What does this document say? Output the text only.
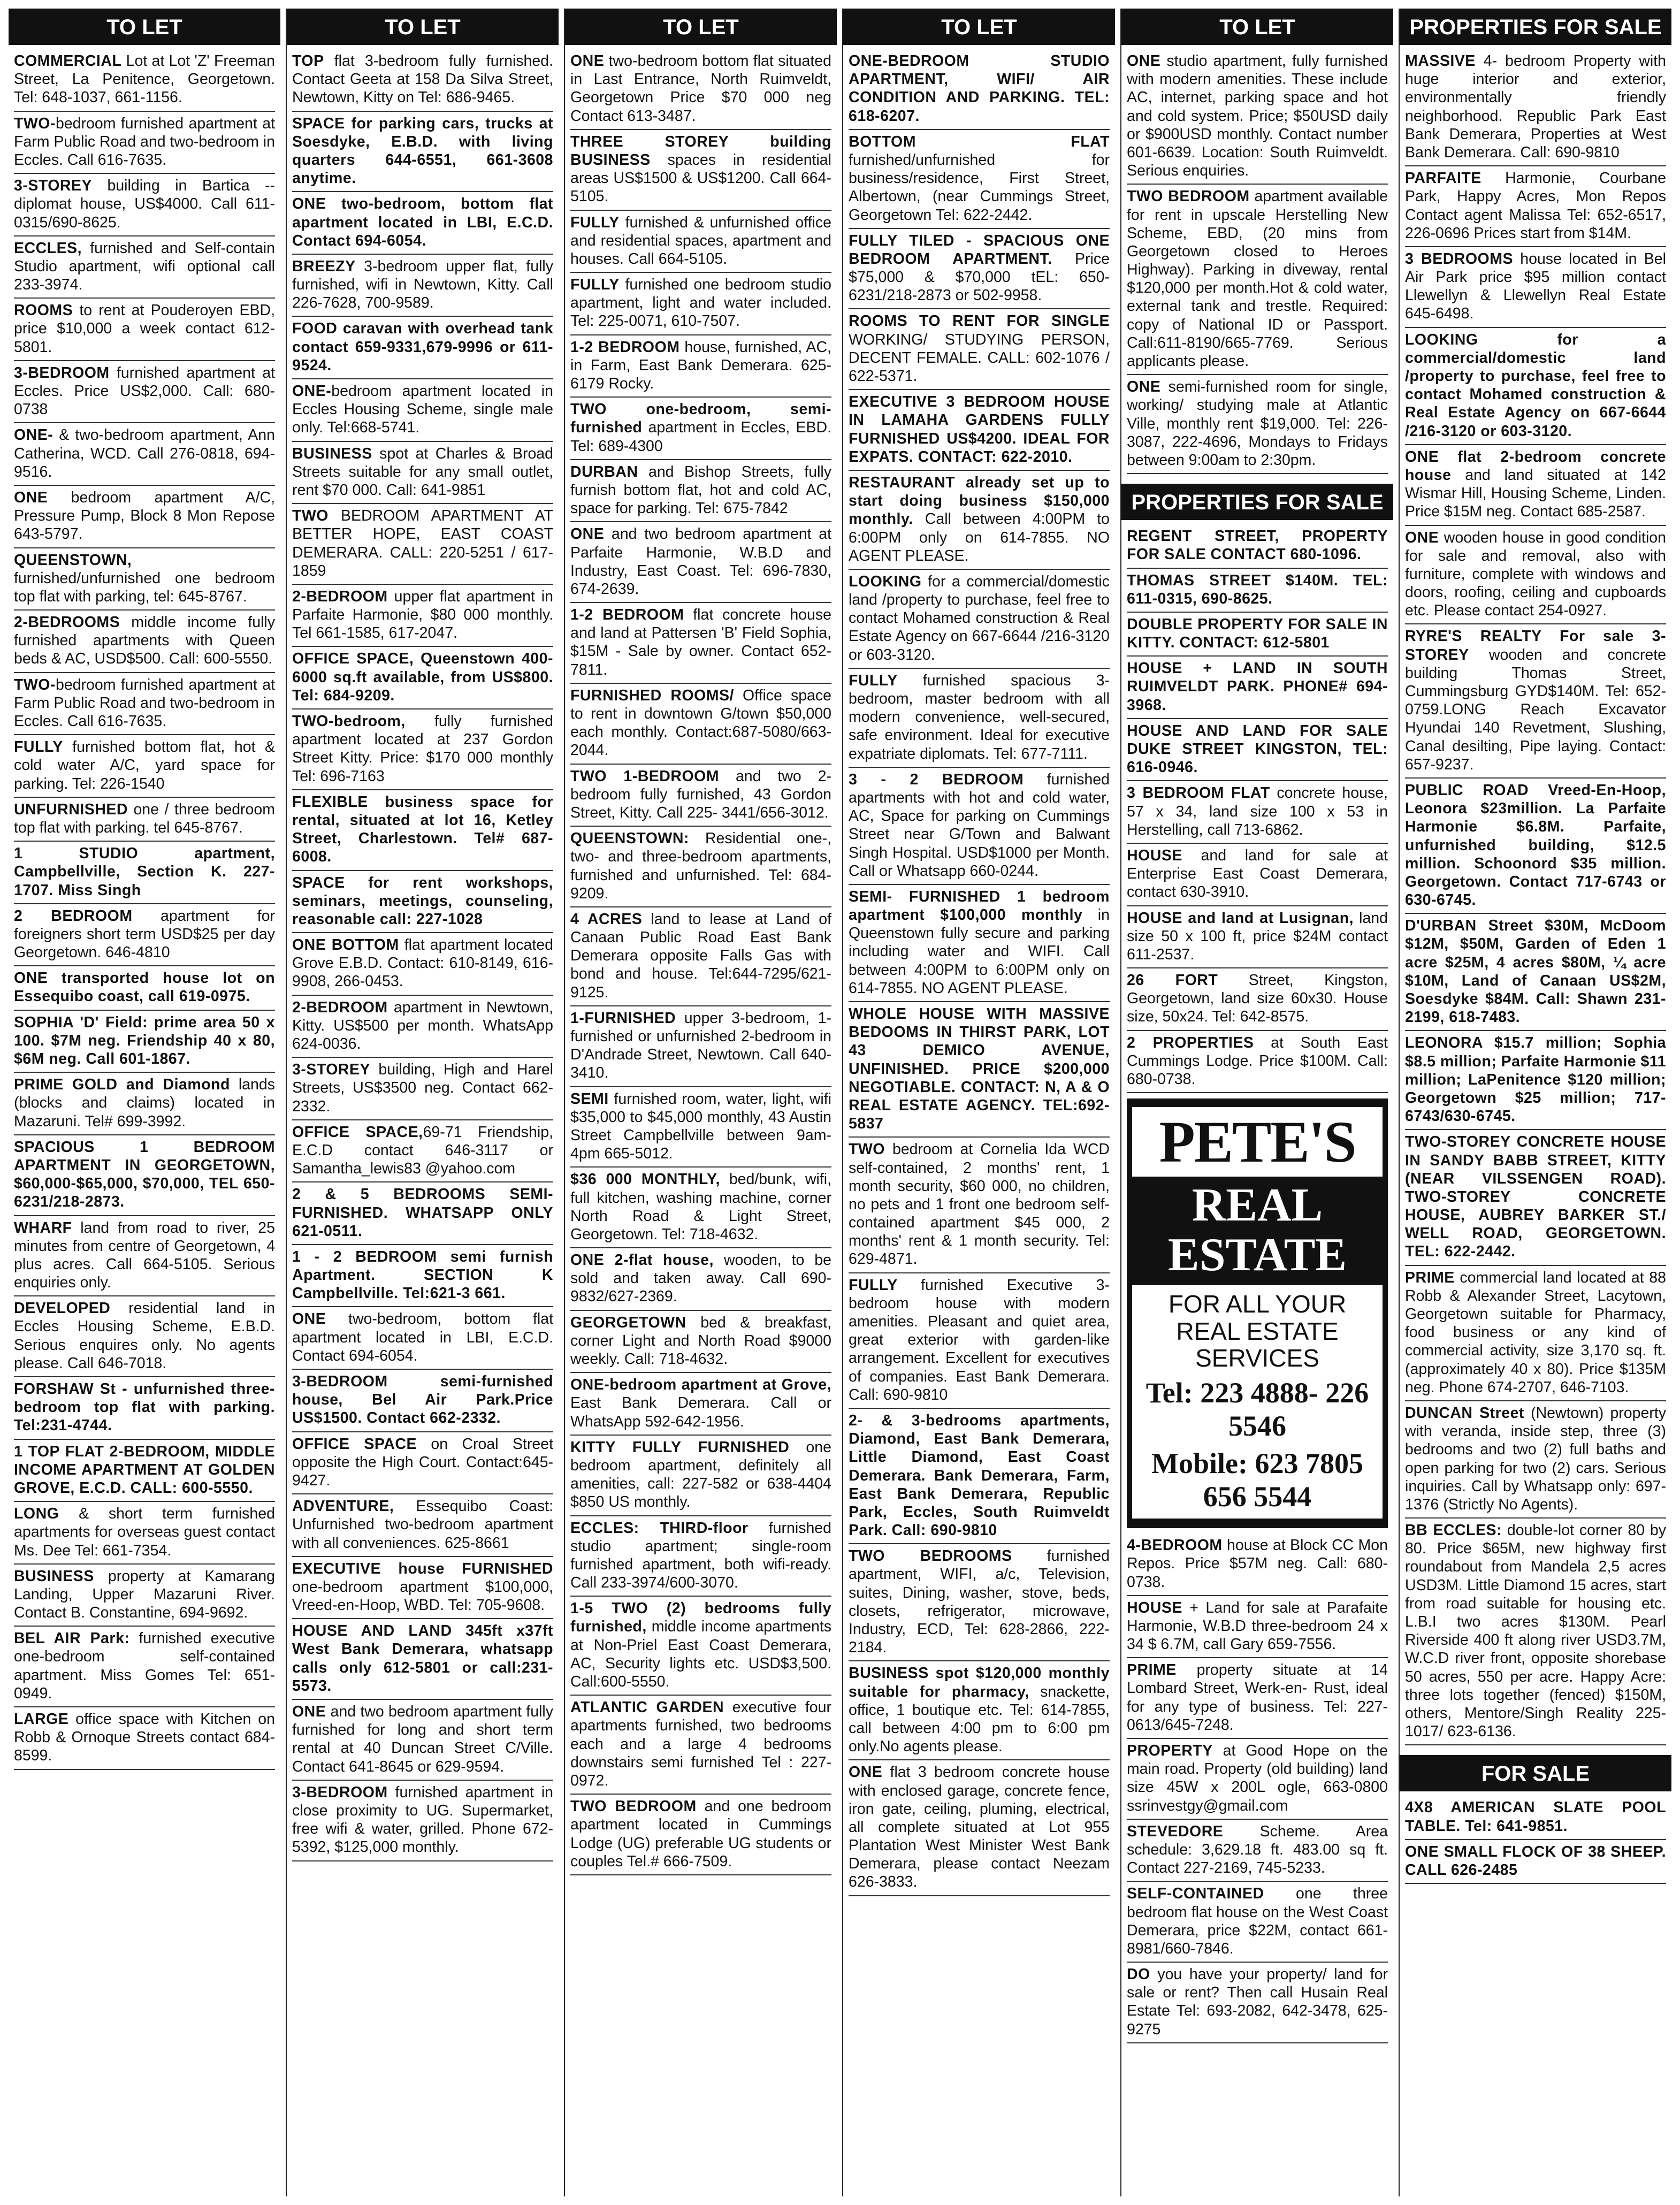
TO LET

COMMERCIAL Lot at Lot 'Z' Freeman Street, La Penitence, Georgetown. Tel: 648-1037, 661-1156.

TWO-bedroom furnished apartment at Farm Public Road and two-bedroom in Eccles. Call 616-7635.

3-STOREY building in Bartica -- diplomat house, US$4000. Call 611-0315/690-8625.

ECCLES, furnished and Self-contain Studio apartment, wifi optional call 233-3974.

ROOMS to rent at Pouderoyen EBD, price $10,000 a week contact 612-5801.

3-BEDROOM furnished apartment at Eccles. Price US$2,000. Call: 680-0738

ONE- & two-bedroom apartment, Ann Catherina, WCD. Call 276-0818, 694-9516.

ONE bedroom apartment A/C, Pressure Pump, Block 8 Mon Repose 643-5797.

QUEENSTOWN, furnished/unfurnished one bedroom top flat with parking, tel: 645-8767.

2-BEDROOMS middle income fully furnished apartments with Queen beds & AC, USD$500. Call: 600-5550.

TWO-bedroom furnished apartment at Farm Public Road and two-bedroom in Eccles. Call 616-7635.

FULLY furnished bottom flat, hot & cold water A/C, yard space for parking. Tel: 226-1540

UNFURNISHED one / three bedroom top flat with parking. tel 645-8767.

1 STUDIO apartment, Campbellville, Section K. 227-1707. Miss Singh

2 BEDROOM apartment for foreigners short term USD$25 per day Georgetown. 646-4810

ONE transported house lot on Essequibo coast, call 619-0975.

SOPHIA 'D' Field: prime area 50 x 100. $7M neg. Friendship 40 x 80, $6M neg. Call 601-1867.

PRIME GOLD and Diamond lands (blocks and claims) located in Mazaruni. Tel# 699-3992.

SPACIOUS 1 BEDROOM APARTMENT IN GEORGETOWN, $60,000-$65,000, $70,000, TEL 650-6231/218-2873.

WHARF land from road to river, 25 minutes from centre of Georgetown, 4 plus acres. Call 664-5105. Serious enquiries only.

DEVELOPED residential land in Eccles Housing Scheme, E.B.D. Serious enquires only. No agents please. Call 646-7018.

FORSHAW St - unfurnished three-bedroom top flat with parking. Tel:231-4744.

1 TOP FLAT 2-BEDROOM, MIDDLE INCOME APARTMENT AT GOLDEN GROVE, E.C.D. CALL: 600-5550.

LONG & short term furnished apartments for overseas guest contact Ms. Dee Tel: 661-7354.

BUSINESS property at Kamarang Landing, Upper Mazaruni River. Contact B. Constantine, 694-9692.

BEL AIR Park: furnished executive one-bedroom self-contained apartment. Miss Gomes Tel: 651-0949.

LARGE office space with Kitchen on Robb & Ornoque Streets contact 684-8599.

TO LET

TOP flat 3-bedroom fully furnished. Contact Geeta at 158 Da Silva Street, Newtown, Kitty on Tel: 686-9465.

SPACE for parking cars, trucks at Soesdyke, E.B.D. with living quarters 644-6551, 661-3608 anytime.

ONE two-bedroom, bottom flat apartment located in LBI, E.C.D. Contact 694-6054.

BREEZY 3-bedroom upper flat, fully furnished, wifi in Newtown, Kitty. Call 226-7628, 700-9589.

FOOD caravan with overhead tank contact 659-9331,679-9996 or 611-9524.

ONE-bedroom apartment located in Eccles Housing Scheme, single male only. Tel:668-5741.

BUSINESS spot at Charles & Broad Streets suitable for any small outlet, rent $70 000. Call: 641-9851

TWO BEDROOM APARTMENT AT BETTER HOPE, EAST COAST DEMERARA. CALL: 220-5251 / 617-1859

2-BEDROOM upper flat apartment in Parfaite Harmonie, $80 000 monthly. Tel 661-1585, 617-2047.

OFFICE SPACE, Queenstown 400-6000 sq.ft available, from US$800. Tel: 684-9209.

TWO-bedroom, fully furnished apartment located at 237 Gordon Street Kitty. Price: $170 000 monthly Tel: 696-7163

FLEXIBLE business space for rental, situated at lot 16, Ketley Street, Charlestown. Tel# 687-6008.

SPACE for rent workshops, seminars, meetings, counseling, reasonable call: 227-1028

ONE BOTTOM flat apartment located Grove E.B.D. Contact: 610-8149, 616-9908, 266-0453.

2-BEDROOM apartment in Newtown, Kitty. US$500 per month. WhatsApp 624-0036.

3-STOREY building, High and Harel Streets, US$3500 neg. Contact 662-2332.

OFFICE SPACE,69-71 Friendship, E.C.D contact 646-3117 or Samantha_lewis83 @yahoo.com

2 & 5 BEDROOMS SEMI-FURNISHED. WHATSAPP ONLY 621-0511.

1 - 2 BEDROOM semi furnish Apartment. SECTION K Campbellville. Tel:621-3 661.

ONE two-bedroom, bottom flat apartment located in LBI, E.C.D. Contact 694-6054.

3-BEDROOM semi-furnished house, Bel Air Park.Price US$1500. Contact 662-2332.

OFFICE SPACE on Croal Street opposite the High Court. Contact:645-9427.

ADVENTURE, Essequibo Coast: Unfurnished two-bedroom apartment with all conveniences. 625-8661

EXECUTIVE house FURNISHED one-bedroom apartment $100,000, Vreed-en-Hoop, WBD. Tel: 705-9608.

HOUSE AND LAND 345ft x37ft West Bank Demerara, whatsapp calls only 612-5801 or call:231-5573.

ONE and two bedroom apartment fully furnished for long and short term rental at 40 Duncan Street C/Ville. Contact 641-8645 or 629-9594.

3-BEDROOM furnished apartment in close proximity to UG. Supermarket, free wifi & water, grilled. Phone 672-5392, $125,000 monthly.

TO LET

ONE two-bedroom bottom flat situated in Last Entrance, North Ruimveldt, Georgetown Price $70 000 neg Contact 613-3487.

THREE STOREY building BUSINESS spaces in residential areas US$1500 & US$1200. Call 664-5105.

FULLY furnished & unfurnished office and residential spaces, apartment and houses. Call 664-5105.

FULLY furnished one bedroom studio apartment, light and water included. Tel: 225-0071, 610-7507.

1-2 BEDROOM house, furnished, AC, in Farm, East Bank Demerara. 625-6179 Rocky.

TWO one-bedroom, semi-furnished apartment in Eccles, EBD. Tel: 689-4300

DURBAN and Bishop Streets, fully furnish bottom flat, hot and cold AC, space for parking. Tel: 675-7842

ONE and two bedroom apartment at Parfaite Harmonie, W.B.D and Industry, East Coast. Tel: 696-7830, 674-2639.

1-2 BEDROOM flat concrete house and land at Pattersen 'B' Field Sophia, $15M - Sale by owner. Contact 652-7811.

FURNISHED ROOMS/ Office space to rent in downtown G/town $50,000 each monthly. Contact:687-5080/663-2044.

TWO 1-BEDROOM and two 2-bedroom fully furnished, 43 Gordon Street, Kitty. Call 225- 3441/656-3012.

QUEENSTOWN: Residential one-, two- and three-bedroom apartments, furnished and unfurnished. Tel: 684-9209.

4 ACRES land to lease at Land of Canaan Public Road East Bank Demerara opposite Falls Gas with bond and house. Tel:644-7295/621-9125.

1-FURNISHED upper 3-bedroom, 1-furnished or unfurnished 2-bedroom in D'Andrade Street, Newtown. Call 640-3410.

SEMI furnished room, water, light, wifi $35,000 to $45,000 monthly, 43 Austin Street Campbellville between 9am-4pm 665-5012.

$36 000 MONTHLY, bed/bunk, wifi, full kitchen, washing machine, corner North Road & Light Street, Georgetown. Tel: 718-4632.

ONE 2-flat house, wooden, to be sold and taken away. Call 690-9832/627-2369.

GEORGETOWN bed & breakfast, corner Light and North Road $9000 weekly. Call: 718-4632.

ONE-bedroom apartment at Grove, East Bank Demerara. Call or WhatsApp 592-642-1956.

KITTY FULLY FURNISHED one bedroom apartment, definitely all amenities, call: 227-582 or 638-4404 $850 US monthly.

ECCLES: THIRD-floor furnished studio apartment; single-room furnished apartment, both wifi-ready. Call 233-3974/600-3070.

1-5 TWO (2) bedrooms fully furnished, middle income apartments at Non-Priel East Coast Demerara, AC, Security lights etc. USD$3,500. Call:600-5550.

ATLANTIC GARDEN executive four apartments furnished, two bedrooms each and a large 4 bedrooms downstairs semi furnished Tel : 227-0972.

TWO BEDROOM and one bedroom apartment located in Cummings Lodge (UG) preferable UG students or couples Tel.# 666-7509.

TO LET

ONE-BEDROOM STUDIO APARTMENT, WIFI/ AIR CONDITION AND PARKING. TEL: 618-6207.

BOTTOM FLAT furnished/unfurnished for business/residence, First Street, Albertown, (near Cummings Street, Georgetown Tel: 622-2442.

FULLY TILED - SPACIOUS ONE BEDROOM APARTMENT. Price $75,000 & $70,000 tEL: 650-6231/218-2873 or 502-9958.

ROOMS TO RENT FOR SINGLE WORKING/ STUDYING PERSON, DECENT FEMALE. CALL: 602-1076 / 622-5371.

EXECUTIVE 3 BEDROOM HOUSE IN LAMAHA GARDENS FULLY FURNISHED US$4200. IDEAL FOR EXPATS. CONTACT: 622-2010.

RESTAURANT already set up to start doing business $150,000 monthly. Call between 4:00PM to 6:00PM only on 614-7855. NO AGENT PLEASE.

LOOKING for a commercial/domestic land /property to purchase, feel free to contact Mohamed construction & Real Estate Agency on 667-6644 /216-3120 or 603-3120.

FULLY furnished spacious 3-bedroom, master bedroom with all modern convenience, well-secured, safe environment. Ideal for executive expatriate diplomats. Tel: 677-7111.

3 - 2 BEDROOM furnished apartments with hot and cold water, AC, Space for parking on Cummings Street near G/Town and Balwant Singh Hospital. USD$1000 per Month. Call or Whatsapp 660-0244.

SEMI- FURNISHED 1 bedroom apartment $100,000 monthly in Queenstown fully secure and parking including water and WIFI. Call between 4:00PM to 6:00PM only on 614-7855. NO AGENT PLEASE.

WHOLE HOUSE WITH MASSIVE BEDOOMS IN THIRST PARK, LOT 43 DEMICO AVENUE, UNFINISHED. PRICE $200,000 NEGOTIABLE. CONTACT: N, A & O REAL ESTATE AGENCY. TEL:692-5837

TWO bedroom at Cornelia Ida WCD self-contained, 2 months' rent, 1 month security, $60 000, no children, no pets and 1 front one bedroom self-contained apartment $45 000, 2 months' rent & 1 month security. Tel: 629-4871.

FULLY furnished Executive 3- bedroom house with modern amenities. Pleasant and quiet area, great exterior with garden-like arrangement. Excellent for executives of companies. East Bank Demerara. Call: 690-9810

2- & 3-bedrooms apartments, Diamond, East Bank Demerara, Little Diamond, East Coast Demerara. Bank Demerara, Farm, East Bank Demerara, Republic Park, Eccles, South Ruimveldt Park. Call: 690-9810

TWO BEDROOMS furnished apartment, WIFI, a/c, Television, suites, Dining, washer, stove, beds, closets, refrigerator, microwave, Industry, ECD, Tel: 628-2866, 222-2184.

BUSINESS spot $120,000 monthly suitable for pharmacy, snackette, office, 1 boutique etc. Tel: 614-7855, call between 4:00 pm to 6:00 pm only.No agents please.

ONE flat 3 bedroom concrete house with enclosed garage, concrete fence, iron gate, ceiling, pluming, electrical, all complete situated at Lot 955 Plantation West Minister West Bank Demerara, please contact Neezam 626-3833.

TO LET

ONE studio apartment, fully furnished with modern amenities. These include AC, internet, parking space and hot and cold system. Price; $50USD daily or $900USD monthly. Contact number 601-6639. Location: South Ruimveldt. Serious enquiries.

TWO BEDROOM apartment available for rent in upscale Herstelling New Scheme, EBD, (20 mins from Georgetown closed to Heroes Highway). Parking in diveway, rental $120,000 per month.Hot & cold water, external tank and trestle. Required: copy of National ID or Passport. Call:611-8190/665-7769. Serious applicants please.

ONE semi-furnished room for single, working/ studying male at Atlantic Ville, monthly rent $19,000. Tel: 226-3087, 222-4696, Mondays to Fridays between 9:00am to 2:30pm.

PROPERTIES FOR SALE

REGENT STREET, PROPERTY FOR SALE CONTACT 680-1096.

THOMAS STREET $140M. TEL: 611-0315, 690-8625.

DOUBLE PROPERTY FOR SALE IN KITTY. CONTACT: 612-5801

HOUSE + LAND IN SOUTH RUIMVELDT PARK. PHONE# 694-3968.

HOUSE AND LAND FOR SALE DUKE STREET KINGSTON, TEL: 616-0946.

3 BEDROOM FLAT concrete house, 57 x 34, land size 100 x 53 in Herstelling, call 713-6862.

HOUSE and land for sale at Enterprise East Coast Demerara, contact 630-3910.

HOUSE and land at Lusignan, land size 50 x 100 ft, price $24M contact 611-2537.

26 FORT Street, Kingston, Georgetown, land size 60x30. House size, 50x24. Tel: 642-8575.

2 PROPERTIES at South East Cummings Lodge. Price $100M. Call: 680-0738.

PETE'S
REAL ESTATE
FOR ALL YOUR REAL ESTATE SERVICES
Tel: 223 4888- 226 5546
Mobile: 623 7805 656 5544

4-BEDROOM house at Block CC Mon Repos. Price $57M neg. Call: 680-0738.

HOUSE + Land for sale at Parafaite Harmonie, W.B.D three-bedroom 24 x 34 $ 6.7M, call Gary 659-7556.

PRIME property situate at 14 Lombard Street, Werk-en- Rust, ideal for any type of business. Tel: 227-0613/645-7248.

PROPERTY at Good Hope on the main road. Property (old building) land size 45W x 200L ogle, 663-0800 ssrinvestgy@gmail.com

STEVEDORE Scheme. Area schedule: 3,629.18 ft. 483.00 sq ft. Contact 227-2169, 745-5233.

SELF-CONTAINED one three bedroom flat house on the West Coast Demerara, price $22M, contact 661-8981/660-7846.

DO you have your property/ land for sale or rent? Then call Husain Real Estate Tel: 693-2082, 642-3478, 625-9275

PROPERTIES FOR SALE

MASSIVE 4- bedroom Property with huge interior and exterior, environmentally friendly neighborhood. Republic Park East Bank Demerara, Properties at West Bank Demerara. Call: 690-9810

PARFAITE Harmonie, Courbane Park, Happy Acres, Mon Repos Contact agent Malissa Tel: 652-6517, 226-0696 Prices start from $14M.

3 BEDROOMS house located in Bel Air Park price $95 million contact Llewellyn & Llewellyn Real Estate 645-6498.

LOOKING for a commercial/domestic land /property to purchase, feel free to contact Mohamed construction & Real Estate Agency on 667-6644 /216-3120 or 603-3120.

ONE flat 2-bedroom concrete house and land situated at 142 Wismar Hill, Housing Scheme, Linden. Price $15M neg. Contact 685-2587.

ONE wooden house in good condition for sale and removal, also with furniture, complete with windows and doors, roofing, ceiling and cupboards etc. Please contact 254-0927.

RYRE'S REALTY For sale 3-STOREY wooden and concrete building Thomas Street, Cummingsburg GYD$140M. Tel: 652-0759.LONG Reach Excavator Hyundai 140 Revetment, Slushing, Canal desilting, Pipe laying. Contact: 657-9237.

PUBLIC ROAD Vreed-En-Hoop, Leonora $23million. La Parfaite Harmonie $6.8M. Parfaite, unfurnished building, $12.5 million. Schoonord $35 million. Georgetown. Contact 717-6743 or 630-6745.

D'URBAN Street $30M, McDoom $12M, $50M, Garden of Eden 1 acre $25M, 4 acres $80M, ¼ acre $10M, Land of Canaan US$2M, Soesdyke $84M. Call: Shawn 231-2199, 618-7483.

LEONORA $15.7 million; Sophia $8.5 million; Parfaite Harmonie $11 million; LaPenitence $120 million; Georgetown $25 million; 717-6743/630-6745.

TWO-STOREY CONCRETE HOUSE IN SANDY BABB STREET, KITTY (NEAR VILSSENGEN ROAD). TWO-STOREY CONCRETE HOUSE, AUBREY BARKER ST./ WELL ROAD, GEORGETOWN. TEL: 622-2442.

PRIME commercial land located at 88 Robb & Alexander Street, Lacytown, Georgetown suitable for Pharmacy, food business or any kind of commercial activity, size 3,170 sq. ft. (approximately 40 x 80). Price $135M neg. Phone 674-2707, 646-7103.

DUNCAN Street (Newtown) property with veranda, inside step, three (3) bedrooms and two (2) full baths and open parking for two (2) cars. Serious inquiries. Call by Whatsapp only: 697-1376 (Strictly No Agents).

BB ECCLES: double-lot corner 80 by 80. Price $65M, new highway first roundabout from Mandela 2,5 acres USD3M. Little Diamond 15 acres, start from road suitable for housing etc. L.B.I two acres $130M. Pearl Riverside 400 ft along river USD3.7M, W.C.D river front, opposite shorebase 50 acres, 550 per acre. Happy Acre: three lots together (fenced) $150M, others, Mentore/Singh Reality 225-1017/ 623-6136.

FOR SALE

4X8 AMERICAN SLATE POOL TABLE. Tel: 641-9851.

ONE SMALL FLOCK OF 38 SHEEP. CALL 626-2485
